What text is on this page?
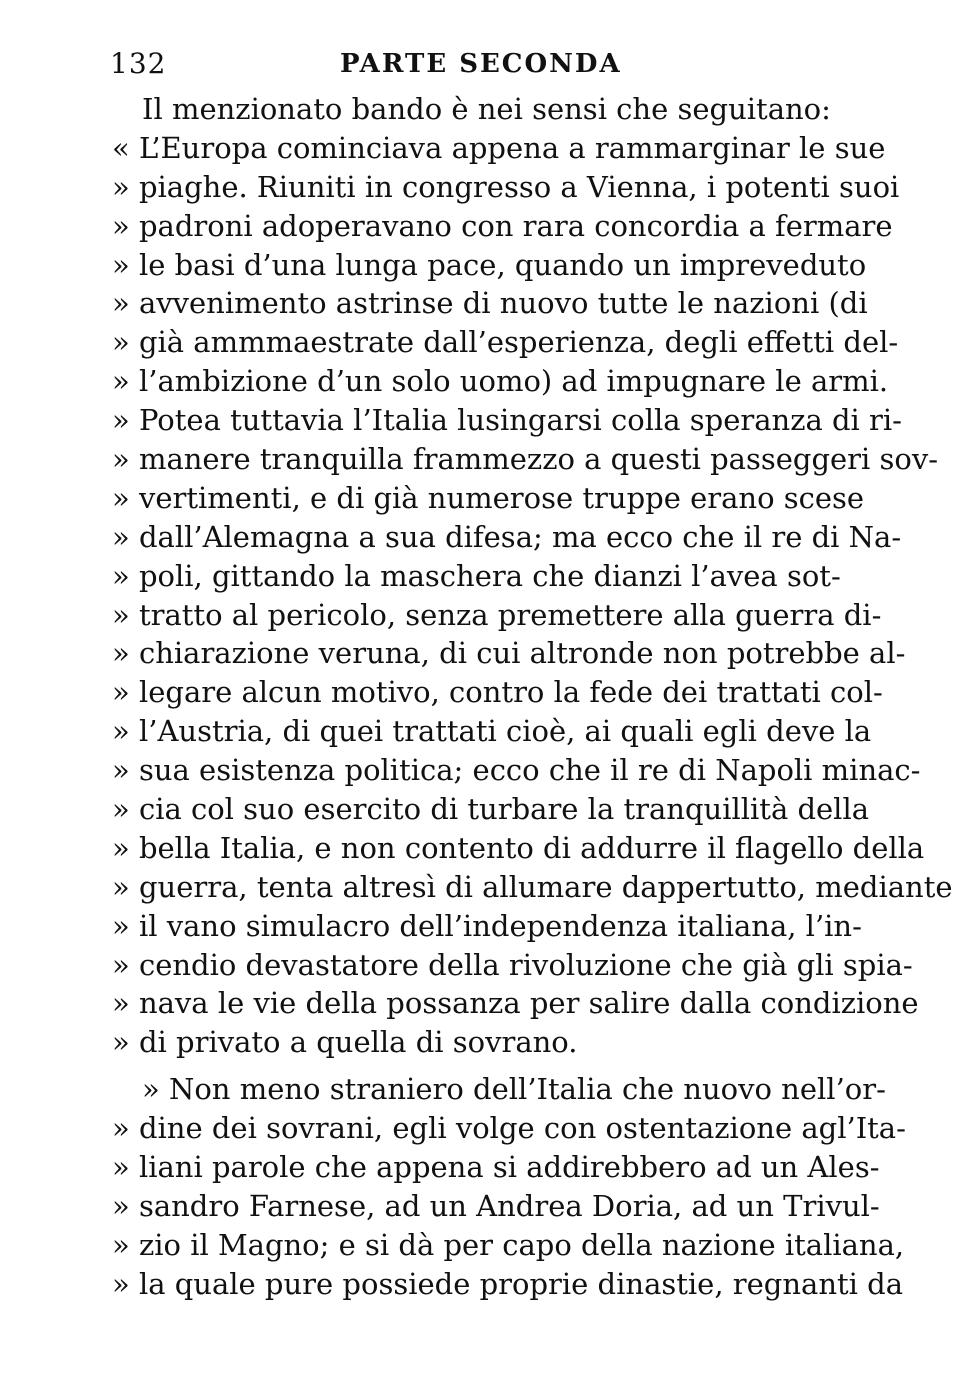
132	PARTE SECONDA
Il menzionato bando è nei sensi che seguitano:
« L’Europa cominciava appena a rammarginar le sue
» piaghe. Riuniti in congresso a Vienna, i potenti suoi
» padroni adoperavano con rara concordia a fermare
» le basi d’una lunga pace, quando un impreveduto
» avvenimento astrinse di nuovo tutte le nazioni (di
» già ammmaestrate dall’esperienza, degli effetti del-
» l’ambizione d’un solo uomo) ad impugnare le armi.
» Potea tuttavia l’Italia lusingarsi colla speranza di ri-
» manere tranquilla frammezzo a questi passeggeri sov-
» vertimenti, e di già numerose truppe erano scese
» dall’Alemagna a sua difesa; ma ecco che il re di Na-
» poli, gittando la maschera che dianzi l’avea sot-
» tratto al pericolo, senza premettere alla guerra di-
» chiarazione veruna, di cui altronde non potrebbe al-
» legare alcun motivo, contro la fede dei trattati col-
» l’Austria, di quei trattati cioè, ai quali egli deve la
» sua esistenza politica; ecco che il re di Napoli minac-
» cia col suo esercito di turbare la tranquillità della
» bella Italia, e non contento di addurre il flagello della
» guerra, tenta altresì di allumare dappertutto, mediante
» il vano simulacro dell’independenza italiana, l’in-
» cendio devastatore della rivoluzione che già gli spia-
» nava le vie della possanza per salire dalla condizione
» di privato a quella di sovrano.
» Non meno straniero dell’Italia che nuovo nell’or-
» dine dei sovrani, egli volge con ostentazione agl’Ita-
» liani parole che appena si addirebbero ad un Ales-
» sandro Farnese, ad un Andrea Doria, ad un Trivul-
» zio il Magno; e si dà per capo della nazione italiana,
» la quale pure possiede proprie dinastie, regnanti da
